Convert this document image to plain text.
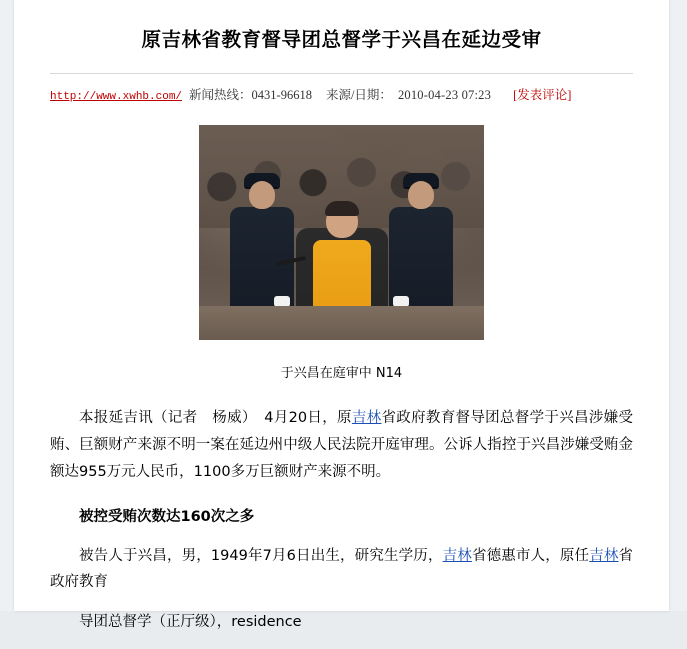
原吉林省教育督导团总督学于兴昌在延边受审
http://www.xwhb.com/ 新闻热线：0431-96618 来源/日期： 2010-04-23 07:23 [发表评论]
于兴昌在庭审中 N14

本报延吉讯（记者　杨威）　4月20日，原吉林省政府教育督导团总督学于兴昌涉嫌受贿、巨额财产来源不明一案在延边州中级人民法院开庭审理。公诉人指控于兴昌涉嫌受贿金额达955万元人民币，1100多万巨额财产来源不明。

被控受贿次数达160次之多

被告人于兴昌，男，1949年7月6日出生，研究生学历，吉林省德惠市人，原任吉林省政府教育

导团总督学（正厅级），residence
